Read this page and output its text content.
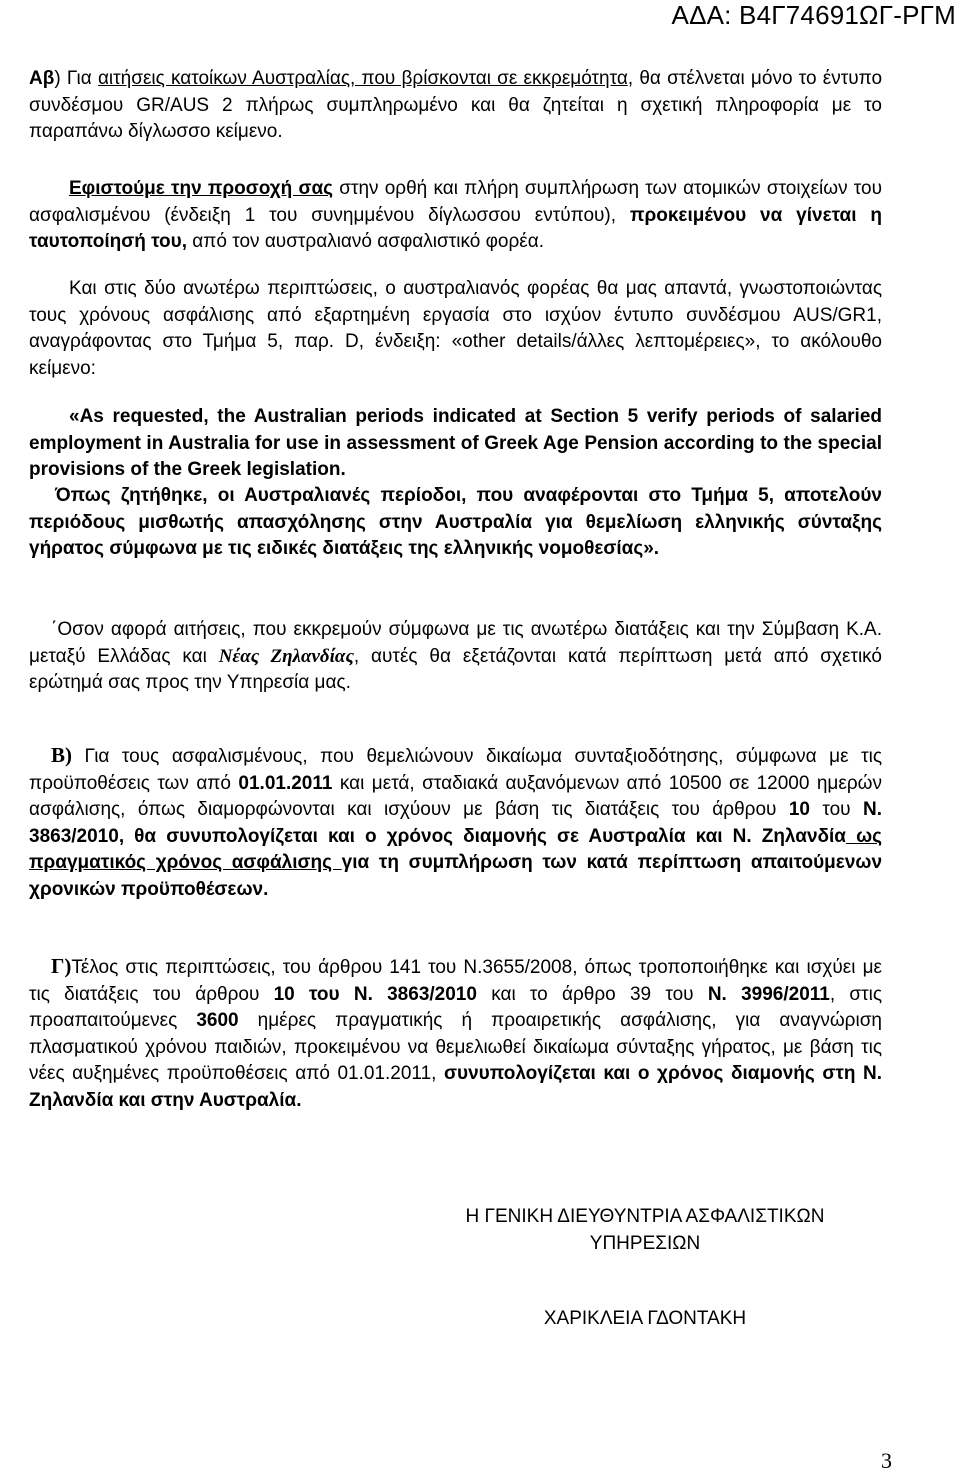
ΑΔΑ: Β4Γ74691ΩΓ-ΡΓΜ

Αβ) Για αιτήσεις κατοίκων Αυστραλίας, που βρίσκονται σε εκκρεμότητα, θα στέλνεται μόνο το έντυπο συνδέσμου GR/AUS 2 πλήρως συμπληρωμένο και θα ζητείται η σχετική πληροφορία με το παραπάνω δίγλωσσο κείμενο.

Εφιστούμε την προσοχή σας στην ορθή και πλήρη συμπλήρωση των ατομικών στοιχείων του ασφαλισμένου (ένδειξη 1 του συνημμένου δίγλωσσου εντύπου), προκειμένου να γίνεται η ταυτοποίησή του, από τον αυστραλιανό ασφαλιστικό φορέα.

Και στις δύο ανωτέρω περιπτώσεις, ο αυστραλιανός φορέας θα μας απαντά, γνωστοποιώντας τους χρόνους ασφάλισης από εξαρτημένη εργασία στο ισχύον έντυπο συνδέσμου AUS/GR1, αναγράφοντας στο Τμήμα 5, παρ. D, ένδειξη: «other details/άλλες λεπτομέρειες», το ακόλουθο κείμενο:

«As requested, the Australian periods indicated at Section 5 verify periods of salaried employment in Australia for use in assessment of Greek Age Pension according to the special provisions of the Greek legislation.

Όπως ζητήθηκε, οι Αυστραλιανές περίοδοι, που αναφέρονται στο Τμήμα 5, αποτελούν περιόδους μισθωτής απασχόλησης στην Αυστραλία για θεμελίωση ελληνικής σύνταξης γήρατος σύμφωνα με τις ειδικές διατάξεις της ελληνικής νομοθεσίας».

΄Οσον αφορά αιτήσεις, που εκκρεμούν σύμφωνα με τις ανωτέρω διατάξεις και την Σύμβαση Κ.Α. μεταξύ Ελλάδας και Νέας Ζηλανδίας, αυτές θα εξετάζονται κατά περίπτωση μετά από σχετικό ερώτημά σας προς την Υπηρεσία μας.

Β) Για τους ασφαλισμένους, που θεμελιώνουν δικαίωμα συνταξιοδότησης, σύμφωνα με τις προϋποθέσεις των από 01.01.2011 και μετά, σταδιακά αυξανόμενων από 10500 σε 12000 ημερών ασφάλισης, όπως διαμορφώνονται και ισχύουν με βάση τις διατάξεις του άρθρου 10 του Ν. 3863/2010, θα συνυπολογίζεται και ο χρόνος διαμονής σε Αυστραλία και Ν. Ζηλανδία ως πραγματικός χρόνος ασφάλισης για τη συμπλήρωση των κατά περίπτωση απαιτούμενων χρονικών προϋποθέσεων.

Γ)Τέλος στις περιπτώσεις, του άρθρου 141 του Ν.3655/2008, όπως τροποποιήθηκε και ισχύει με τις διατάξεις του άρθρου 10 του Ν. 3863/2010 και το άρθρο 39 του Ν. 3996/2011, στις προαπαιτούμενες 3600 ημέρες πραγματικής ή προαιρετικής ασφάλισης, για αναγνώριση πλασματικού χρόνου παιδιών, προκειμένου να θεμελιωθεί δικαίωμα σύνταξης γήρατος, με βάση τις νέες αυξημένες προϋποθέσεις από 01.01.2011, συνυπολογίζεται και ο χρόνος διαμονής στη Ν. Ζηλανδία και στην Αυστραλία.

Η ΓΕΝΙΚΗ ΔΙΕΥΘΥΝΤΡΙΑ ΑΣΦΑΛΙΣΤΙΚΩΝ
ΥΠΗΡΕΣΙΩΝ
ΧΑΡΙΚΛΕΙΑ ΓΔΟΝΤΑΚΗ
3
